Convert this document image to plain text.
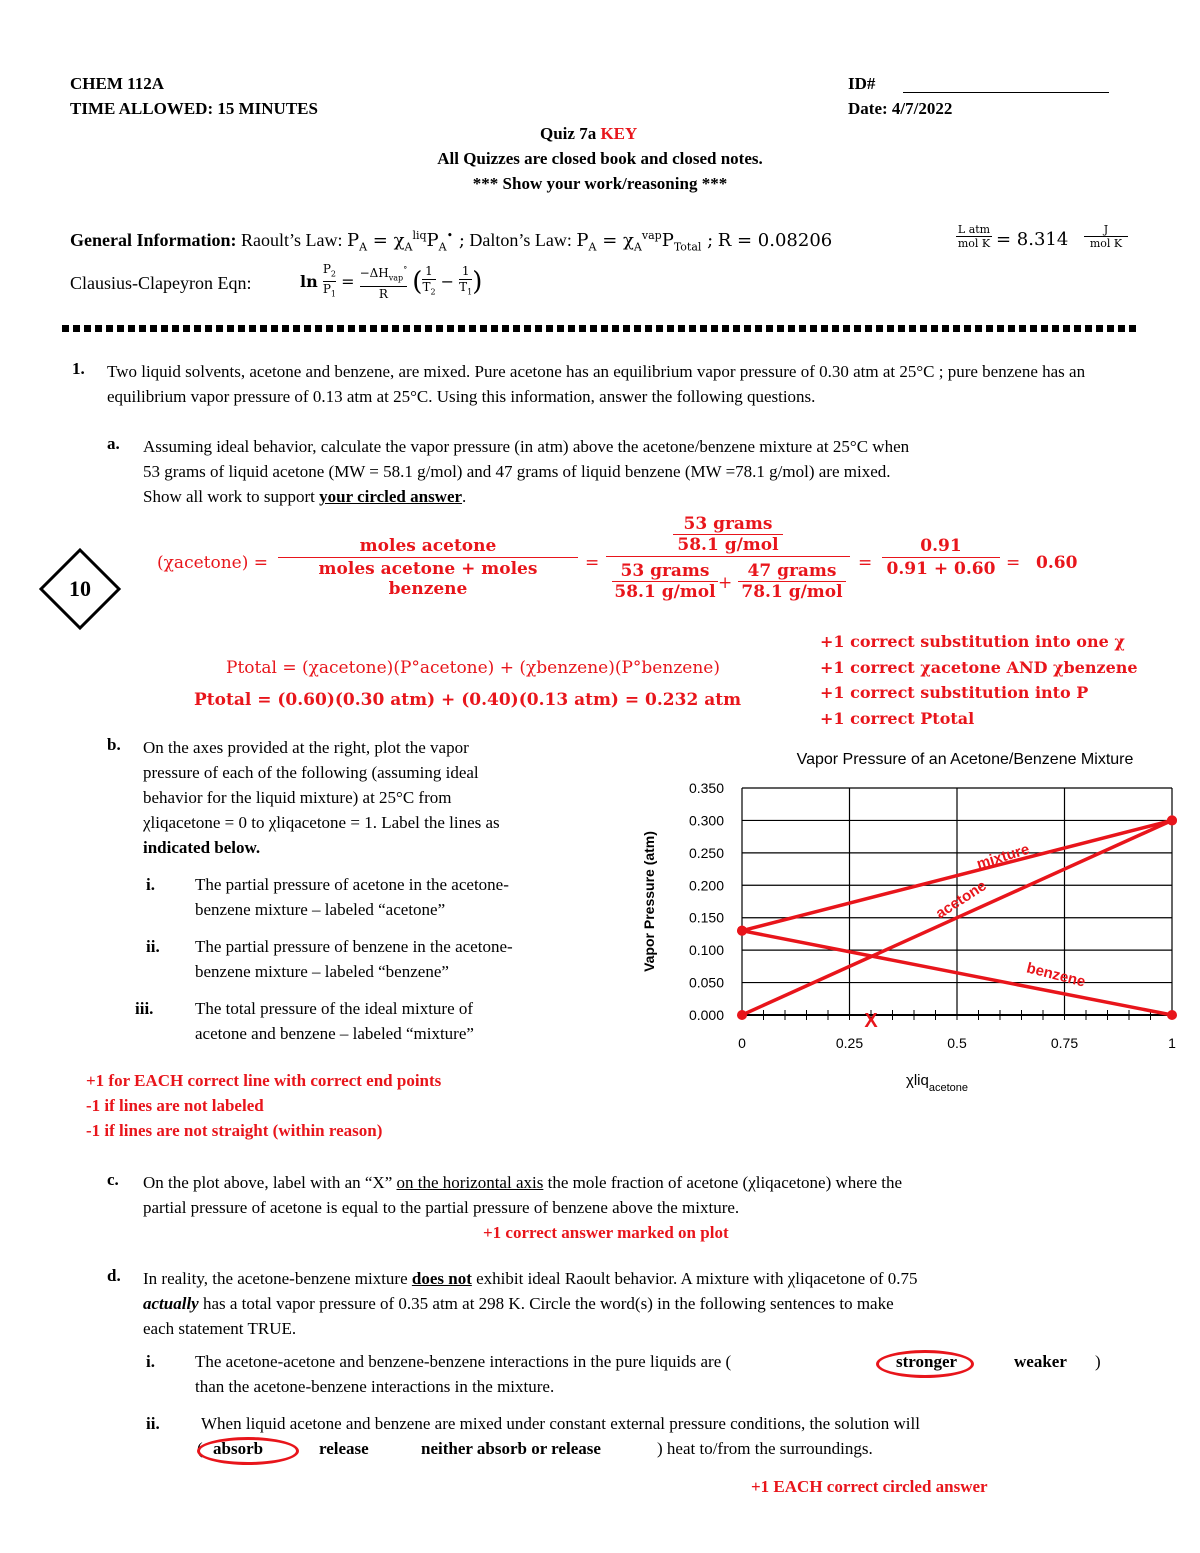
CHEM 112A
TIME ALLOWED: 15 MINUTES
ID#
Date: 4/7/2022
Quiz 7a KEY
All Quizzes are closed book and closed notes.
*** Show your work/reasoning ***
General Information: Raoult’s Law: $P_A = \chi_A^{liq}P_A^•$ ; Dalton’s Law: $P_A = \chi_A^{vap}P_{Total}$ ; R = 0.08206
L atm
mol K = 8.314	J
mol K
Clausius-Clapeyron Eqn:	$\ln \frac{P_2}{P_1} = -\Delta H_{vap}^\circ$
R ( $\frac{1}{T_2} - \frac{1}{T_1}$ )
1. Two liquid solvents, acetone and benzene, are mixed. Pure acetone has an equilibrium vapor pressure of 0.30 atm at 25°C ; pure benzene has an equilibrium vapor pressure of 0.13 atm at 25°C. Using this information, answer the following questions.
a. Assuming ideal behavior, calculate the vapor pressure (in atm) above the acetone/benzene mixture at 25°C when
53 grams of liquid acetone (MW = 58.1 g/mol) and 47 grams of liquid benzene (MW =78.1 g/mol) are mixed.
Show all work to support your circled answer.
10
(χacetone) =
moles acetone
moles acetone + moles benzene
=
53 grams
58.1 g/mol
53 grams
58.1 g/mol +
47 grams
78.1 g/mol
= $\frac{0.91}{0.91 + 0.60} = 0.60$
Ptotal = (χacetone)(P°acetone) + (χbenzene)(P°benzene)
Ptotal = (0.60)(0.30 atm) + (0.40)(0.13 atm) = 0.232 atm
+1 correct substitution into one χ
+1 correct χacetone AND χbenzene
+1 correct substitution into P
+1 correct Ptotal
b. On the axes provided at the right, plot the vapor
pressure of each of the following (assuming ideal
behavior for the liquid mixture) at 25°C from
χliqacetone = 0 to χliqacetone = 1. Label the lines as
indicated below.
i. The partial pressure of acetone in the acetone-
benzene mixture – labeled “acetone”
ii. The partial pressure of benzene in the acetone-
benzene mixture – labeled “benzene”
iii. The total pressure of the ideal mixture of
acetone and benzene – labeled “mixture”
+1 for EACH correct line with correct end points
-1 if lines are not labeled
-1 if lines are not straight (within reason)
Vapor Pressure of an Acetone/Benzene Mixture
0.000
0.050
0.100
0.150
0.200
0.250
0.300
0.350
0	0.25	0.5	0.75	1
Vapor Pressure (atm)
χliq$_{acetone}$
mixture
acetone
benzene
X
c. On the plot above, label with an “X” on the horizontal axis the mole fraction of acetone (χliqacetone) where the
partial pressure of acetone is equal to the partial pressure of benzene above the mixture.
+1 correct answer marked on plot
d. In reality, the acetone-benzene mixture does not exhibit ideal Raoult behavior. A mixture with χliqacetone of 0.75
actually has a total vapor pressure of 0.35 atm at 298 K. Circle the word(s) in the following sentences to make
each statement TRUE.
i. The acetone-acetone and benzene-benzene interactions in the pure liquids are (	stronger	weaker )
than the acetone-benzene interactions in the mixture.
ii. When liquid acetone and benzene are mixed under constant external pressure conditions, the solution will
( absorb	release	neither absorb or release	) heat to/from the surroundings.
+1 EACH correct circled answer
